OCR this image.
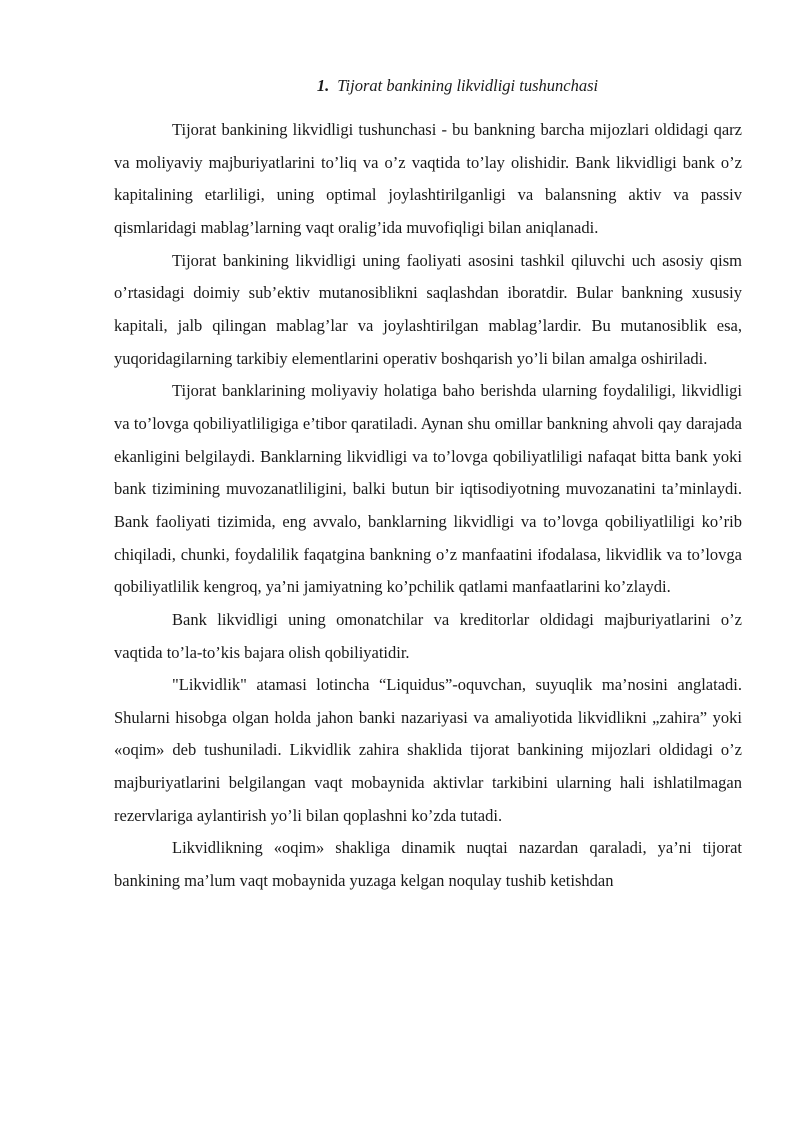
1. Tijorat bankining likvidligi tushunchasi

Tijorat bankining likvidligi tushunchasi - bu bankning barcha mijozlari oldidagi qarz va moliyaviy majburiyatlarini to’liq va o’z vaqtida to’lay olishidir. Bank likvidligi bank o’z kapitalining etarliligi, uning optimal joylashtirilganligi va balansning aktiv va passiv qismlaridagi mablag’larning vaqt oralig’ida muvofiqligi bilan aniqlanadi.

Tijorat bankining likvidligi uning faoliyati asosini tashkil qiluvchi uch asosiy qism o’rtasidagi doimiy sub’ektiv mutanosiblikni saqlashdan iboratdir. Bular bankning xususiy kapitali, jalb qilingan mablag’lar va joylashtirilgan mablag’lardir. Bu mutanosiblik esa, yuqoridagilarning tarkibiy elementlarini operativ boshqarish yo’li bilan amalga oshiriladi.

Tijorat banklarining moliyaviy holatiga baho berishda ularning foydaliligi, likvidligi va to’lovga qobiliyatliligiga e’tibor qaratiladi. Aynan shu omillar bankning ahvoli qay darajada ekanligini belgilaydi. Banklarning likvidligi va to’lovga qobiliyatliligi nafaqat bitta bank yoki bank tizimining muvozanatliligini, balki butun bir iqtisodiyotning muvozanatini ta’minlaydi. Bank faoliyati tizimida, eng avvalo, banklarning likvidligi va to’lovga qobiliyatliligi ko’rib chiqiladi, chunki, foydalilik faqatgina bankning o’z manfaatini ifodalasa, likvidlik va to’lovga qobiliyatlilik kengroq, ya’ni jamiyatning ko’pchilik qatlami manfaatlarini ko’zlaydi.

Bank likvidligi uning omonatchilar va kreditorlar oldidagi majburiyatlarini o’z vaqtida to’la-to’kis bajara olish qobiliyatidir.

"Likvidlik" atamasi lotincha “Liquidus”-oquvchan, suyuqlik ma’nosini anglatadi. Shularni hisobga olgan holda jahon banki nazariyasi va amaliyotida likvidlikni „zahira” yoki «oqim» deb tushuniladi. Likvidlik zahira shaklida tijorat bankining mijozlari oldidagi o’z majburiyatlarini belgilangan vaqt mobaynida aktivlar tarkibini ularning hali ishlatilmagan rezervlariga aylantirish yo’li bilan qoplashni ko’zda tutadi.

Likvidlikning «oqim» shakliga dinamik nuqtai nazardan qaraladi, ya’ni tijorat bankining ma’lum vaqt mobaynida yuzaga kelgan noqulay tushib ketishdan
